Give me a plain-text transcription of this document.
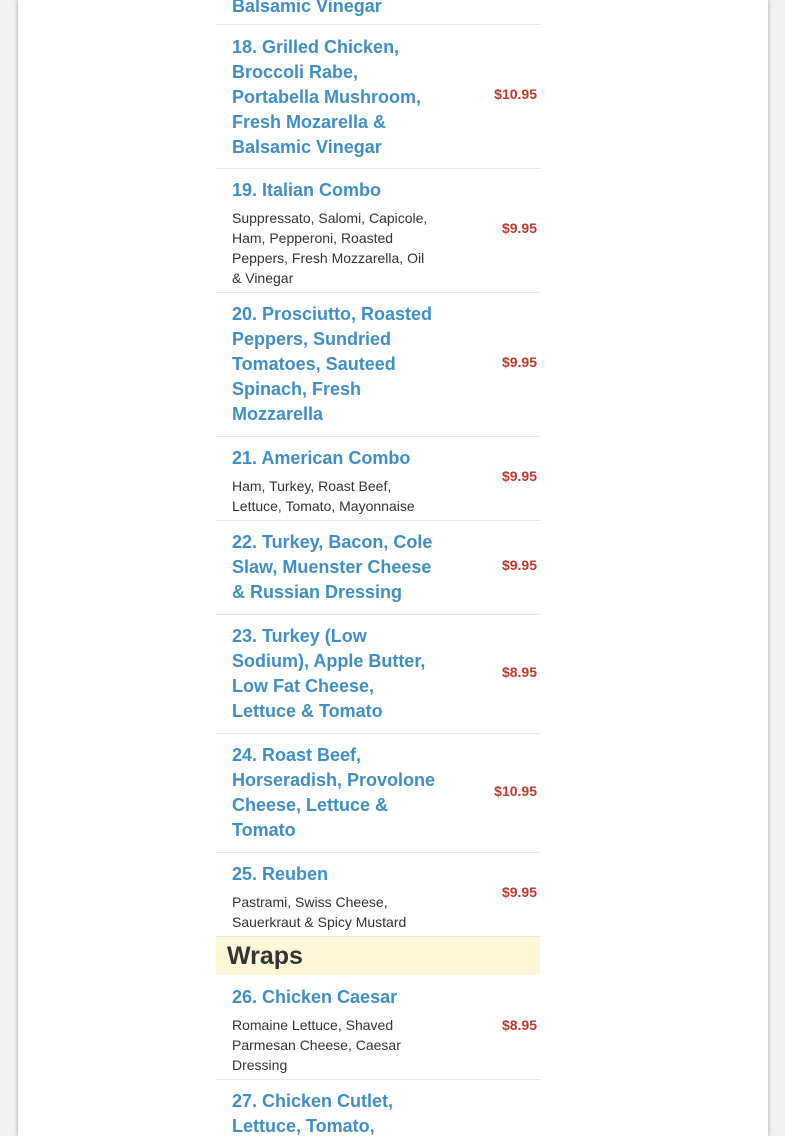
Balsamic Vinegar
18. Grilled Chicken, Broccoli Rabe, Portabella Mushroom, Fresh Mozarella & Balsamic Vinegar
$10.95
19. Italian Combo
Suppressato, Salomi, Capicole, Ham, Pepperoni, Roasted Peppers, Fresh Mozzarella, Oil & Vinegar
$9.95
20. Prosciutto, Roasted Peppers, Sundried Tomatoes, Sauteed Spinach, Fresh Mozzarella
$9.95
21. American Combo
Ham, Turkey, Roast Beef, Lettuce, Tomato, Mayonnaise
$9.95
22. Turkey, Bacon, Cole Slaw, Muenster Cheese & Russian Dressing
$9.95
23. Turkey (Low Sodium), Apple Butter, Low Fat Cheese, Lettuce & Tomato
$8.95
24. Roast Beef, Horseradish, Provolone Cheese, Lettuce & Tomato
$10.95
25. Reuben
Pastrami, Swiss Cheese, Sauerkraut & Spicy Mustard
$9.95
Wraps
26. Chicken Caesar
Romaine Lettuce, Shaved Parmesan Cheese, Caesar Dressing
$8.95
27. Chicken Cutlet, Lettuce, Tomato,
